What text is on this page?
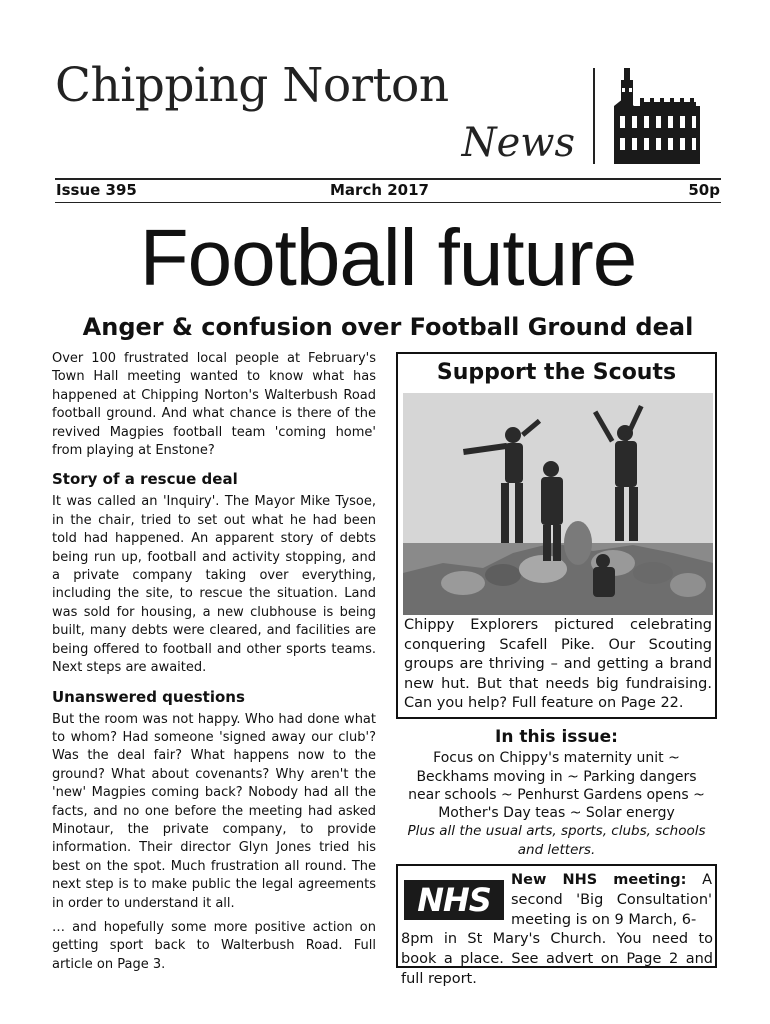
Chipping Norton
News
Issue 395	March 2017	50p
Football future
Anger & confusion over Football Ground deal

Over 100 frustrated local people at February's Town Hall meeting wanted to know what has happened at Chipping Norton's Walterbush Road football ground. And what chance is there of the revived Magpies football team 'coming home' from playing at Enstone?

Story of a rescue deal

It was called an 'Inquiry'. The Mayor Mike Tysoe, in the chair, tried to set out what he had been told had happened. An apparent story of debts being run up, football and activity stopping, and a private company taking over everything, including the site, to rescue the situation. Land was sold for housing, a new clubhouse is being built, many debts were cleared, and facilities are being offered to football and other sports teams. Next steps are awaited.

Unanswered questions

But the room was not happy. Who had done what to whom? Had someone 'signed away our club'? Was the deal fair? What happens now to the ground? What about covenants? Why aren't the 'new' Magpies coming back? Nobody had all the facts, and no one before the meeting had asked Minotaur, the private company, to provide information. Their director Glyn Jones tried his best on the spot. Much frustration all round. The next step is to make public the legal agreements in order to understand it all.

… and hopefully some more positive action on getting sport back to Walterbush Road. Full article on Page 3.

Support the Scouts
Chippy Explorers pictured celebrating conquering Scafell Pike. Our Scouting groups are thriving – and getting a brand new hut. But that needs big fundraising. Can you help? Full feature on Page 22.
In this issue:
Focus on Chippy's maternity unit ~
Beckhams moving in ~ Parking dangers
near schools ~ Penhurst Gardens opens ~
Mother's Day teas ~ Solar energy
Plus all the usual arts, sports, clubs, schools and letters.
NHS
New NHS meeting: A second 'Big Consultation' meeting is on 9 March, 6-
8pm in St Mary's Church. You need to book a place. See advert on Page 2 and full report.
